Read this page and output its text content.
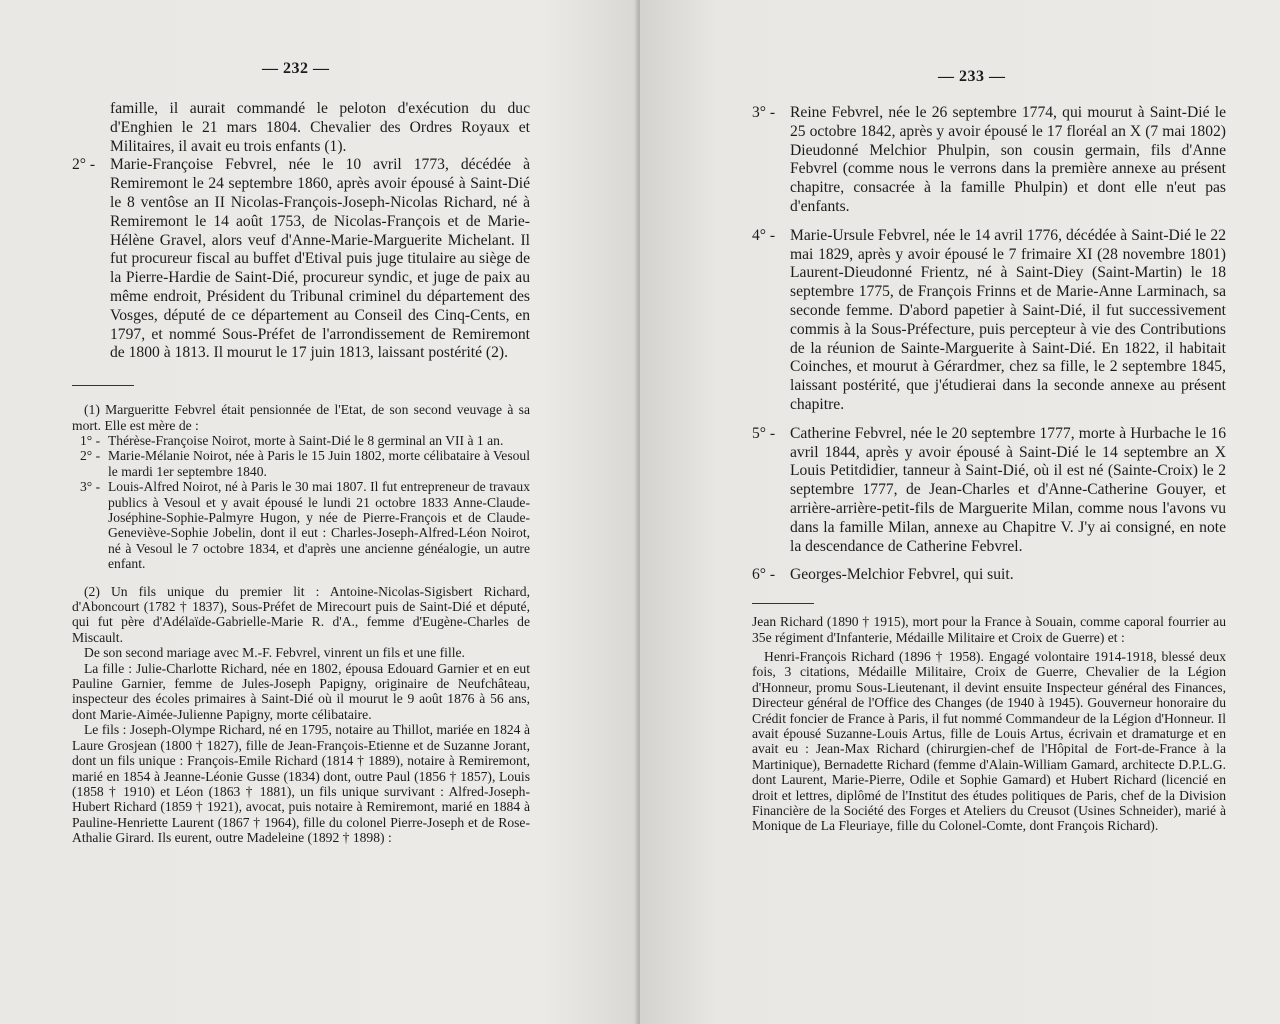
— 232 —

famille, il aurait commandé le peloton d'exécution du duc d'Enghien le 21 mars 1804. Chevalier des Ordres Royaux et Militaires, il avait eu trois enfants (1).

2° - Marie-Françoise Febvrel, née le 10 avril 1773, décédée à Remiremont le 24 septembre 1860, après avoir épousé à Saint-Dié le 8 ventôse an II Nicolas-François-Joseph-Nicolas Richard, né à Remiremont le 14 août 1753, de Nicolas-François et de Marie-Hélène Gravel, alors veuf d'Anne-Marie-Marguerite Michelant. Il fut procureur fiscal au buffet d'Etival puis juge titulaire au siège de la Pierre-Hardie de Saint-Dié, procureur syndic, et juge de paix au même endroit, Président du Tribunal criminel du département des Vosges, député de ce département au Conseil des Cinq-Cents, en 1797, et nommé Sous-Préfet de l'arrondissement de Remiremont de 1800 à 1813. Il mourut le 17 juin 1813, laissant postérité (2).

(1) Margueritte Febvrel était pensionnée de l'Etat, de son second veuvage à sa mort. Elle est mère de :

1° - Thérèse-Françoise Noirot, morte à Saint-Dié le 8 germinal an VII à 1 an.

2° - Marie-Mélanie Noirot, née à Paris le 15 Juin 1802, morte célibataire à Vesoul le mardi 1er septembre 1840.

3° - Louis-Alfred Noirot, né à Paris le 30 mai 1807. Il fut entrepreneur de travaux publics à Vesoul et y avait épousé le lundi 21 octobre 1833 Anne-Claude-Joséphine-Sophie-Palmyre Hugon, y née de Pierre-François et de Claude-Geneviève-Sophie Jobelin, dont il eut : Charles-Joseph-Alfred-Léon Noirot, né à Vesoul le 7 octobre 1834, et d'après une ancienne généalogie, un autre enfant.

(2) Un fils unique du premier lit : Antoine-Nicolas-Sigisbert Richard, d'Aboncourt (1782 † 1837), Sous-Préfet de Mirecourt puis de Saint-Dié et député, qui fut père d'Adélaïde-Gabrielle-Marie R. d'A., femme d'Eugène-Charles de Miscault.

De son second mariage avec M.-F. Febvrel, vinrent un fils et une fille.

La fille : Julie-Charlotte Richard, née en 1802, épousa Edouard Garnier et en eut Pauline Garnier, femme de Jules-Joseph Papigny, originaire de Neufchâteau, inspecteur des écoles primaires à Saint-Dié où il mourut le 9 août 1876 à 56 ans, dont Marie-Aimée-Julienne Papigny, morte célibataire.

Le fils : Joseph-Olympe Richard, né en 1795, notaire au Thillot, mariée en 1824 à Laure Grosjean (1800 † 1827), fille de Jean-François-Etienne et de Suzanne Jorant, dont un fils unique : François-Emile Richard (1814 † 1889), notaire à Remiremont, marié en 1854 à Jeanne-Léonie Gusse (1834) dont, outre Paul (1856 † 1857), Louis (1858 † 1910) et Léon (1863 † 1881), un fils unique survivant : Alfred-Joseph-Hubert Richard (1859 † 1921), avocat, puis notaire à Remiremont, marié en 1884 à Pauline-Henriette Laurent (1867 † 1964), fille du colonel Pierre-Joseph et de Rose-Athalie Girard. Ils eurent, outre Madeleine (1892 † 1898) :

— 233 —
3° - Reine Febvrel, née le 26 septembre 1774, qui mourut à Saint-Dié le 25 octobre 1842, après y avoir épousé le 17 floréal an X (7 mai 1802) Dieudonné Melchior Phulpin, son cousin germain, fils d'Anne Febvrel (comme nous le verrons dans la première annexe au présent chapitre, consacrée à la famille Phulpin) et dont elle n'eut pas d'enfants.

4° - Marie-Ursule Febvrel, née le 14 avril 1776, décédée à Saint-Dié le 22 mai 1829, après y avoir épousé le 7 frimaire XI (28 novembre 1801) Laurent-Dieudonné Frientz, né à Saint-Diey (Saint-Martin) le 18 septembre 1775, de François Frinns et de Marie-Anne Larminach, sa seconde femme. D'abord papetier à Saint-Dié, il fut successivement commis à la Sous-Préfecture, puis percepteur à vie des Contributions de la réunion de Sainte-Marguerite à Saint-Dié. En 1822, il habitait Coinches, et mourut à Gérardmer, chez sa fille, le 2 septembre 1845, laissant postérité, que j'étudierai dans la seconde annexe au présent chapitre.

5° - Catherine Febvrel, née le 20 septembre 1777, morte à Hurbache le 16 avril 1844, après y avoir épousé à Saint-Dié le 14 septembre an X Louis Petitdidier, tanneur à Saint-Dié, où il est né (Sainte-Croix) le 2 septembre 1777, de Jean-Charles et d'Anne-Catherine Gouyer, et arrière-arrière-petit-fils de Marguerite Milan, comme nous l'avons vu dans la famille Milan, annexe au Chapitre V. J'y ai consigné, en note la descendance de Catherine Febvrel.

6° - Georges-Melchior Febvrel, qui suit.

Jean Richard (1890 † 1915), mort pour la France à Souain, comme caporal fourrier au 35e régiment d'Infanterie, Médaille Militaire et Croix de Guerre) et :

Henri-François Richard (1896 † 1958). Engagé volontaire 1914-1918, blessé deux fois, 3 citations, Médaille Militaire, Croix de Guerre, Chevalier de la Légion d'Honneur, promu Sous-Lieutenant, il devint ensuite Inspecteur général des Finances, Directeur général de l'Office des Changes (de 1940 à 1945). Gouverneur honoraire du Crédit foncier de France à Paris, il fut nommé Commandeur de la Légion d'Honneur. Il avait épousé Suzanne-Louis Artus, fille de Louis Artus, écrivain et dramaturge et en avait eu : Jean-Max Richard (chirurgien-chef de l'Hôpital de Fort-de-France à la Martinique), Bernadette Richard (femme d'Alain-William Gamard, architecte D.P.L.G. dont Laurent, Marie-Pierre, Odile et Sophie Gamard) et Hubert Richard (licencié en droit et lettres, diplômé de l'Institut des études politiques de Paris, chef de la Division Financière de la Société des Forges et Ateliers du Creusot (Usines Schneider), marié à Monique de La Fleuriaye, fille du Colonel-Comte, dont François Richard).
